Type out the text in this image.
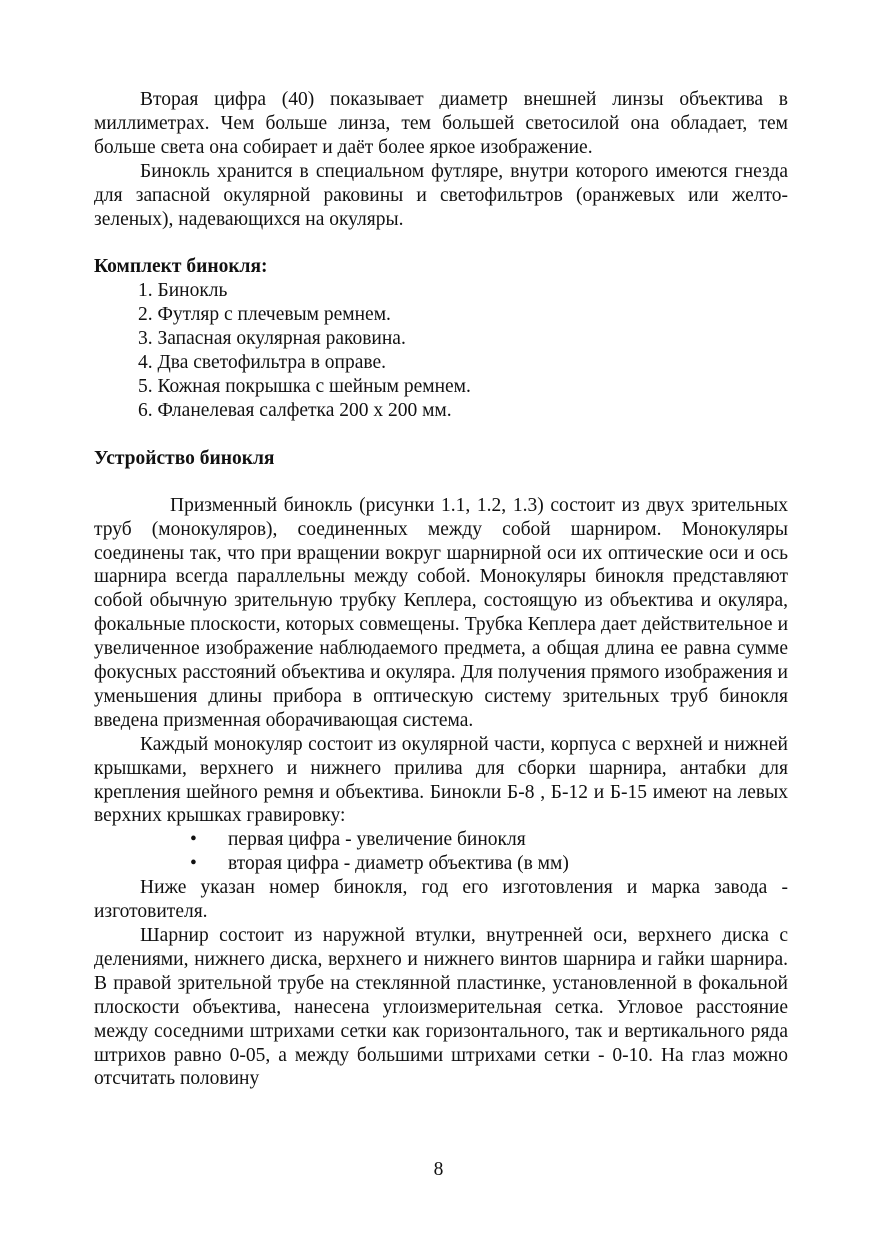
Вторая цифра (40) показывает диаметр внешней линзы объектива в миллиметрах. Чем больше линза, тем большей светосилой она обладает, тем больше света она собирает и даёт более яркое изображение.

Бинокль хранится в специальном футляре, внутри которого имеются гнезда для запасной окулярной раковины и светофильтров (оранжевых или желто-зеленых), надевающихся на окуляры.

Комплект бинокля:

1. Бинокль
2. Футляр с плечевым ремнем.
3. Запасная окулярная раковина.
4. Два светофильтра в оправе.
5. Кожная покрышка с шейным ремнем.
6. Фланелевая салфетка 200 х 200 мм.

Устройство бинокля

Призменный бинокль (рисунки 1.1, 1.2, 1.3) состоит из двух зрительных труб (монокуляров), соединенных между собой шарниром. Монокуляры соединены так, что при вращении вокруг шарнирной оси их оптические оси и ось шарнира всегда параллельны между собой. Монокуляры бинокля представляют собой обычную зрительную трубку Кеплера, состоящую из объектива и окуляра, фокальные плоскости, которых совмещены. Трубка Кеплера дает действительное и увеличенное изображение наблюдаемого предмета, а общая длина ее равна сумме фокусных расстояний объектива и окуляра. Для получения прямого изображения и уменьшения длины прибора в оптическую систему зрительных труб бинокля введена призменная оборачивающая система.

Каждый монокуляр состоит из окулярной части, корпуса с верхней и нижней крышками, верхнего и нижнего прилива для сборки шарнира, антабки для крепления шейного ремня и объектива. Бинокли Б-8 , Б-12 и Б-15 имеют на левых верхних крышках гравировку:

• первая цифра - увеличение бинокля
• вторая цифра - диаметр объектива (в мм)

Ниже указан номер бинокля, год его изготовления и марка завода - изготовителя.

Шарнир состоит из наружной втулки, внутренней оси, верхнего диска с делениями, нижнего диска, верхнего и нижнего винтов шарнира и гайки шарнира. В правой зрительной трубе на стеклянной пластинке, установленной в фокальной плоскости объектива, нанесена углоизмерительная сетка. Угловое расстояние между соседними штрихами сетки как горизонтального, так и вертикального ряда штрихов равно 0-05, а между большими штрихами сетки - 0-10. На глаз можно отсчитать половину

8
